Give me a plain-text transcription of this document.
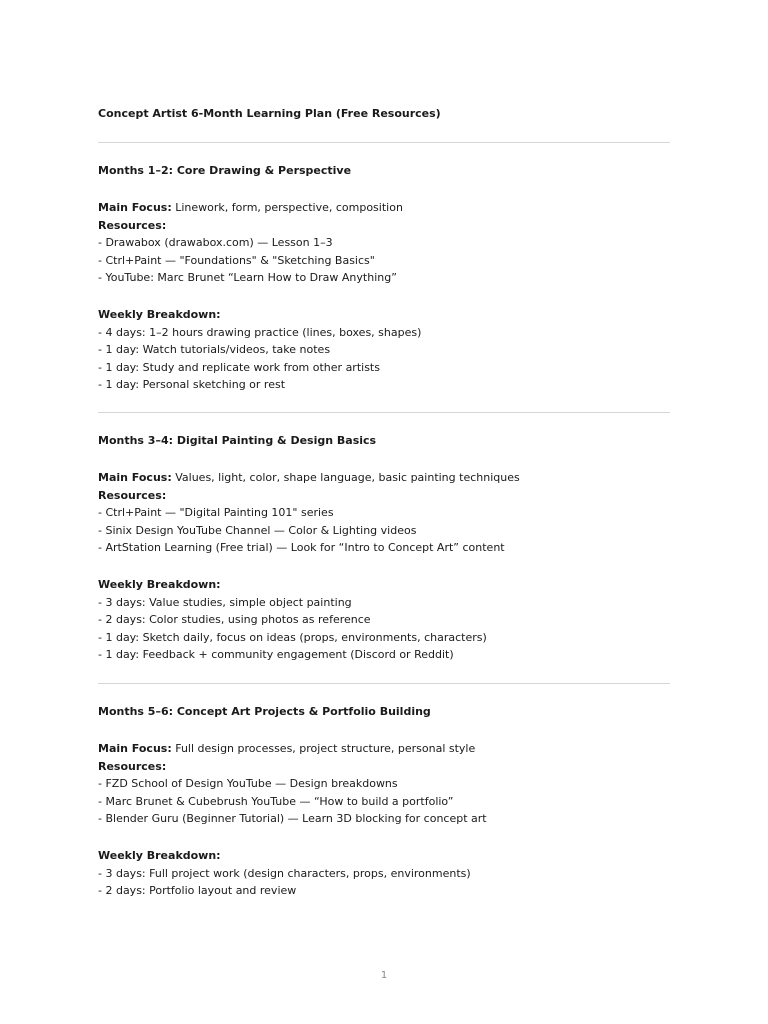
Concept Artist 6-Month Learning Plan (Free Resources)
Months 1–2: Core Drawing & Perspective
Main Focus: Linework, form, perspective, composition
Resources:
- Drawabox (drawabox.com) — Lesson 1–3
- Ctrl+Paint — "Foundations" & "Sketching Basics"
- YouTube: Marc Brunet “Learn How to Draw Anything”
Weekly Breakdown:
- 4 days: 1–2 hours drawing practice (lines, boxes, shapes)
- 1 day: Watch tutorials/videos, take notes
- 1 day: Study and replicate work from other artists
- 1 day: Personal sketching or rest
Months 3–4: Digital Painting & Design Basics
Main Focus: Values, light, color, shape language, basic painting techniques
Resources:
- Ctrl+Paint — "Digital Painting 101" series
- Sinix Design YouTube Channel — Color & Lighting videos
- ArtStation Learning (Free trial) — Look for “Intro to Concept Art” content
Weekly Breakdown:
- 3 days: Value studies, simple object painting
- 2 days: Color studies, using photos as reference
- 1 day: Sketch daily, focus on ideas (props, environments, characters)
- 1 day: Feedback + community engagement (Discord or Reddit)
Months 5–6: Concept Art Projects & Portfolio Building
Main Focus: Full design processes, project structure, personal style
Resources:
- FZD School of Design YouTube — Design breakdowns
- Marc Brunet & Cubebrush YouTube — “How to build a portfolio”
- Blender Guru (Beginner Tutorial) — Learn 3D blocking for concept art
Weekly Breakdown:
- 3 days: Full project work (design characters, props, environments)
- 2 days: Portfolio layout and review
1
